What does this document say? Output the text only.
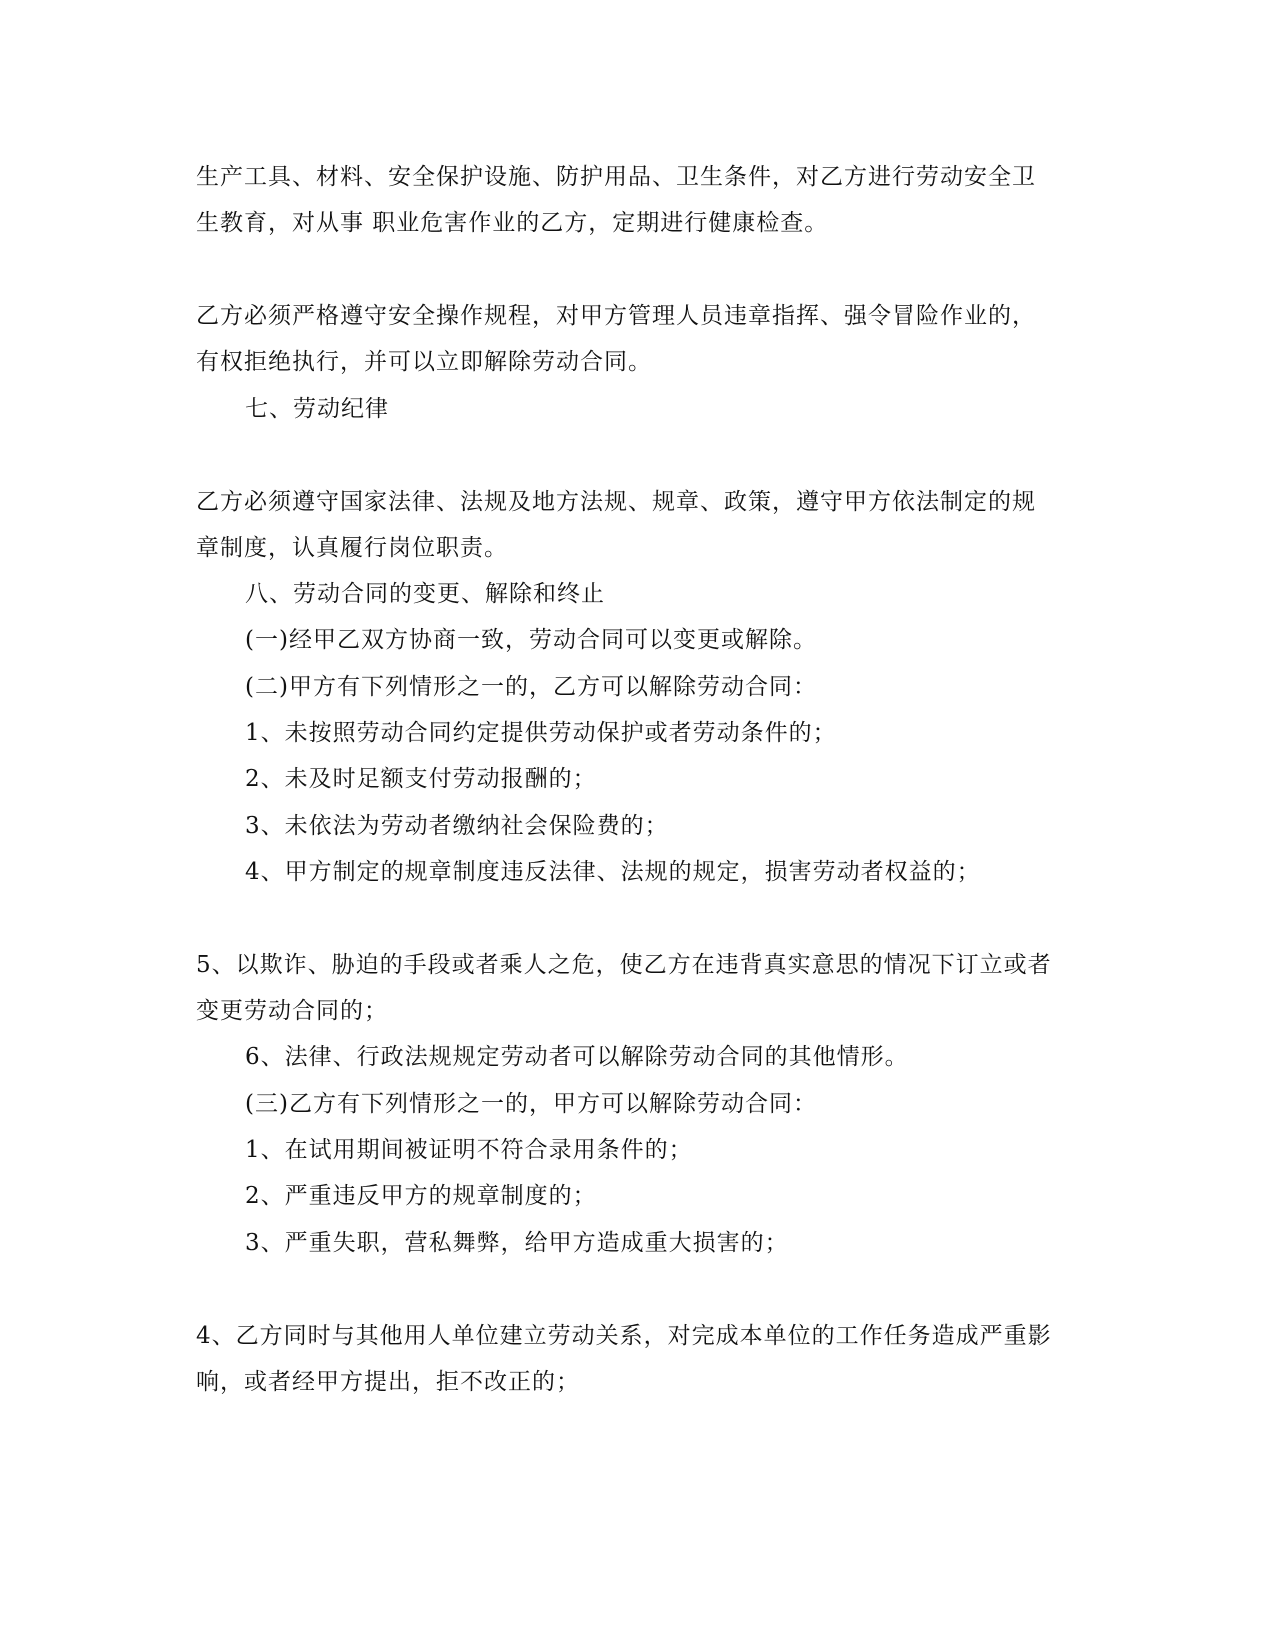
生产工具、材料、安全保护设施、防护用品、卫生条件，对乙方进行劳动安全卫
生教育，对从事 职业危害作业的乙方，定期进行健康检查。
乙方必须严格遵守安全操作规程，对甲方管理人员违章指挥、强令冒险作业的，
有权拒绝执行，并可以立即解除劳动合同。
七、劳动纪律
乙方必须遵守国家法律、法规及地方法规、规章、政策，遵守甲方依法制定的规
章制度，认真履行岗位职责。
八、劳动合同的变更、解除和终止
(一)经甲乙双方协商一致，劳动合同可以变更或解除。
(二)甲方有下列情形之一的，乙方可以解除劳动合同：
1、未按照劳动合同约定提供劳动保护或者劳动条件的；
2、未及时足额支付劳动报酬的；
3、未依法为劳动者缴纳社会保险费的；
4、甲方制定的规章制度违反法律、法规的规定，损害劳动者权益的；
5、以欺诈、胁迫的手段或者乘人之危，使乙方在违背真实意思的情况下订立或者
变更劳动合同的；
6、法律、行政法规规定劳动者可以解除劳动合同的其他情形。
(三)乙方有下列情形之一的，甲方可以解除劳动合同：
1、在试用期间被证明不符合录用条件的；
2、严重违反甲方的规章制度的；
3、严重失职，营私舞弊，给甲方造成重大损害的；
4、乙方同时与其他用人单位建立劳动关系，对完成本单位的工作任务造成严重影
响，或者经甲方提出，拒不改正的；
